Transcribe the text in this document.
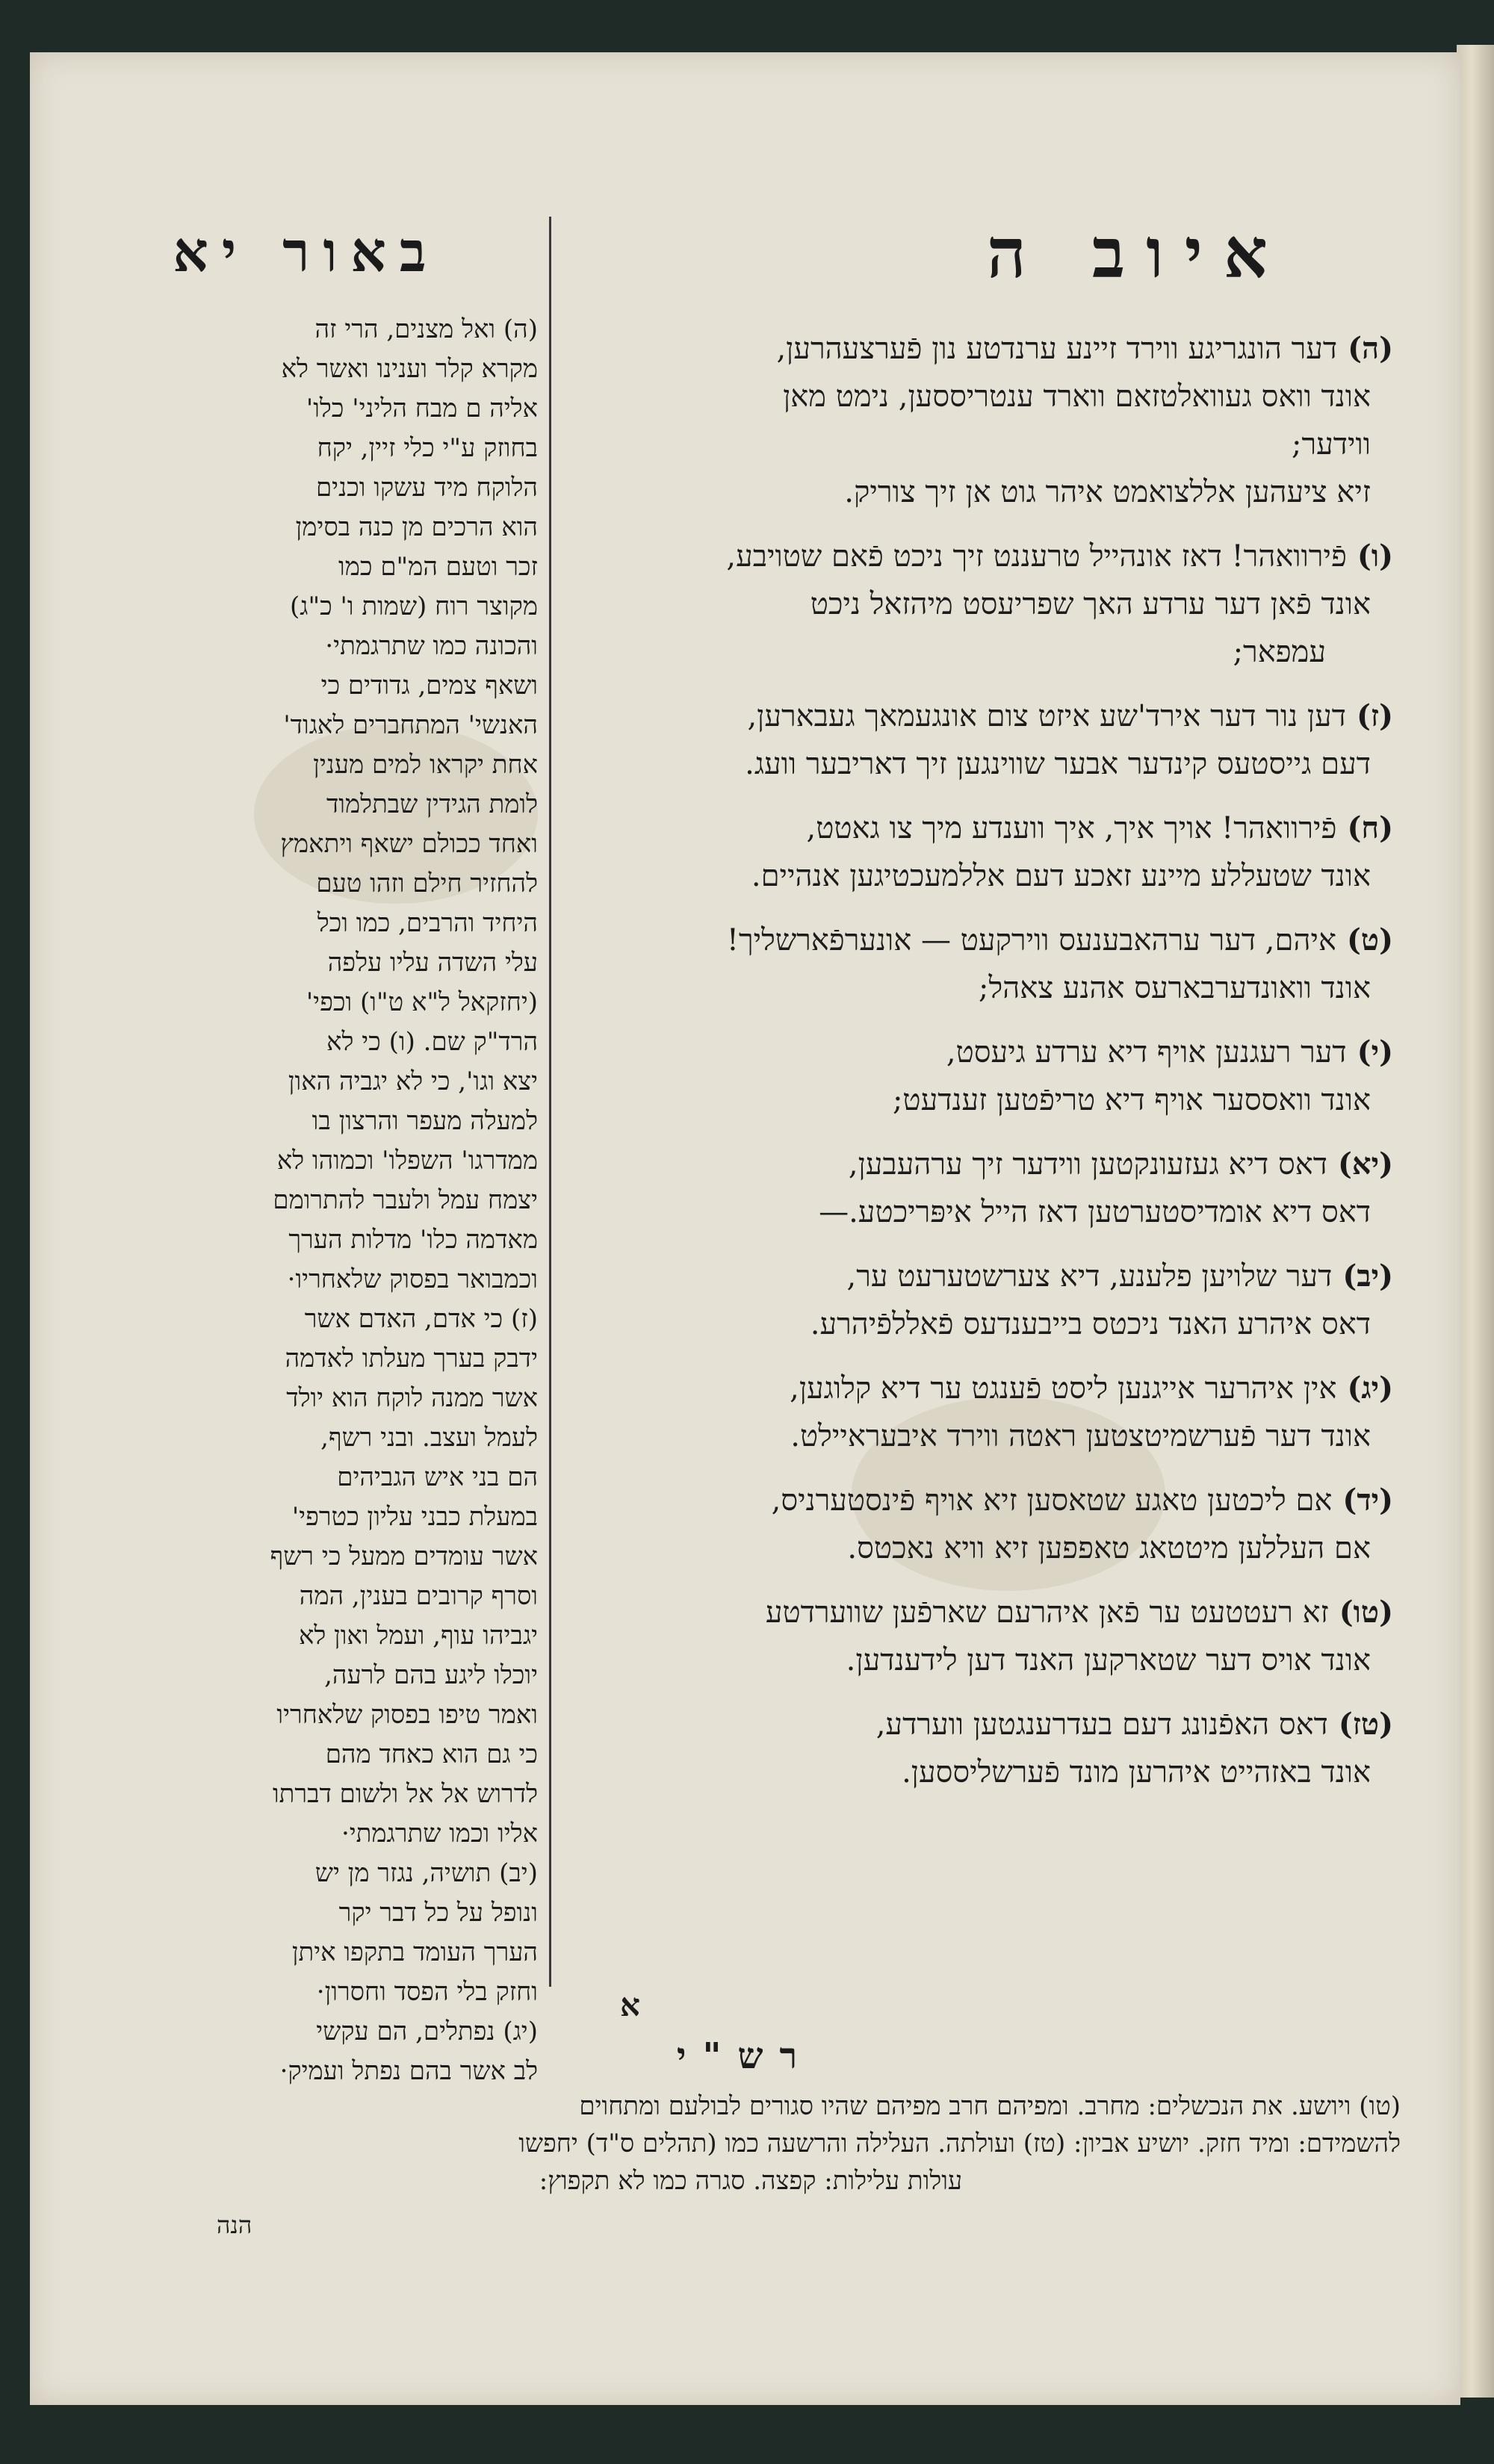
איוב ה
באור יא
(ה)דער הונגריגע ווירד זיינע ערנדטע נון פֿערצעהרען,
אונד וואס געוואלטזאם ווארד ענטריססען, נימט מאן
ווידער;
זיא ציעהען אללצואמט איהר גוט אן זיך צוריק.
(ו)פֿירוואהר! דאז אונהייל טרעננט זיך ניכט פֿאם שטויבע,
אונד פֿאן דער ערדע האך שפריעסט מיהזאל ניכט
עמפאר;
(ז)דען נור דער אירד'שע איזט צום אונגעמאך געבארען,
דעם גייסטעס קינדער אבער שווינגען זיך דאריבער וועג.
(ח)פֿירוואהר! אויך איך, איך ווענדע מיך צו גאטט,
אונד שטעללע מיינע זאכע דעם אללמעכטיגען אנהיים.
(ט)איהם, דער ערהאבענעס ווירקעט — אונערפֿארשליך!
אונד וואונדערבארעס אהנע צאהל;
(י)דער רעגנען אויף דיא ערדע גיעסט,
אונד וואססער אויף דיא טריפֿטען זענדעט;
(יא)דאס דיא געזעונקטען ווידער זיך ערהעבען,
דאס דיא אומדיסטערטען דאז הייל איפּריכטע.—
(יב)דער שלויען פלענע, דיא צערשטערעט ער,
דאס איהרע האנד ניכטס בייבענדעס פֿאללפֿיהרע.
(יג)אין איהרער אייגנען ליסט פֿענגט ער דיא קלוגען,
אונד דער פֿערשמיטצטען ראטה ווירד איבעראיילט.
(יד)אם ליכטען טאגע שטאסען זיא אויף פֿינסטערניס,
אם העללען מיטטאג טאפפען זיא וויא נאכטס.
(טו)זא רעטטעט ער פֿאן איהרעם שארפֿען שווערדטע
אונד אויס דער שטארקען האנד דען לידענדען.
(טז)דאס האפֿנונג דעם בעדרענגטען ווערדע,
אונד באזהייט איהרען מונד פֿערשליססען.
(ה) ואל מצנים, הרי זה
מקרא קלר וענינו ואשר לא
אליה ם מבח הליני' כלו'
בחוזק ע"י כלי זיין, יקח
הלוקח מיד עשקו וכנים
הוא הרכים מן כנה בסימן
זכר וטעם המ"ם כמו
מקוצר רוח (שמות ו' כ"ג)
והכונה כמו שתרגמתי·
ושאף צמים, גדודים כי
האנשי' המתחברים לאגוד'
אחת יקראו למים מענין
לומת הגידין שבתלמוד
ואחד ככולם ישאף ויתאמץ
להחזיר חילם וזהו טעם
היחיד והרבים, כמו וכל
עלי השדה עליו עלפה
(יחזקאל ל"א ט"ו) וכפי'
הרד"ק שם. (ו) כי לא
יצא וגו', כי לא יגביה האון
למעלה מעפר והרצון בו
ממדרגו' השפלו' וכמוהו לא
יצמח עמל ולעבר להתרומם
מאדמה כלו' מדלות הערך
וכמבואר בפסוק שלאחריו·
(ז) כי אדם, האדם אשר
ידבק בערך מעלתו לאדמה
אשר ממנה לוקח הוא יולד
לעמל ועצב. ובני רשף,
הם בני איש הגביהים
במעלת כבני עליון כטרפי'
אשר עומדים ממעל כי רשף
וסרף קרובים בענין, המה
יגביהו עוף, ועמל ואון לא
יוכלו ליגע בהם לרעה,
ואמר טיפו בפסוק שלאחריו
כי גם הוא כאחד מהם
לדרוש אל אל ולשום דברתו
אליו וכמו שתרגמתי·
(יב) תושיה, נגזר מן יש
ונופל על כל דבר יקר
הערך העומד בתקפו איתן
וחזק בלי הפסד וחסרון·
(יג) נפתלים, הם עקשי
לב אשר בהם נפתל ועמיק·
א
רש"י
(טו) ויושע. את הנכשלים: מחרב. ומפיהם חרב מפיהם שהיו סגורים לבולעם ומתחוים
להשמידם: ומיד חזק. יושיע אביון: (טז) ועולתה. העלילה והרשעה כמו (תהלים ס"ד) יחפשו
עולות עלילות: קפצה. סגרה כמו לא תקפוץ:
הנה
